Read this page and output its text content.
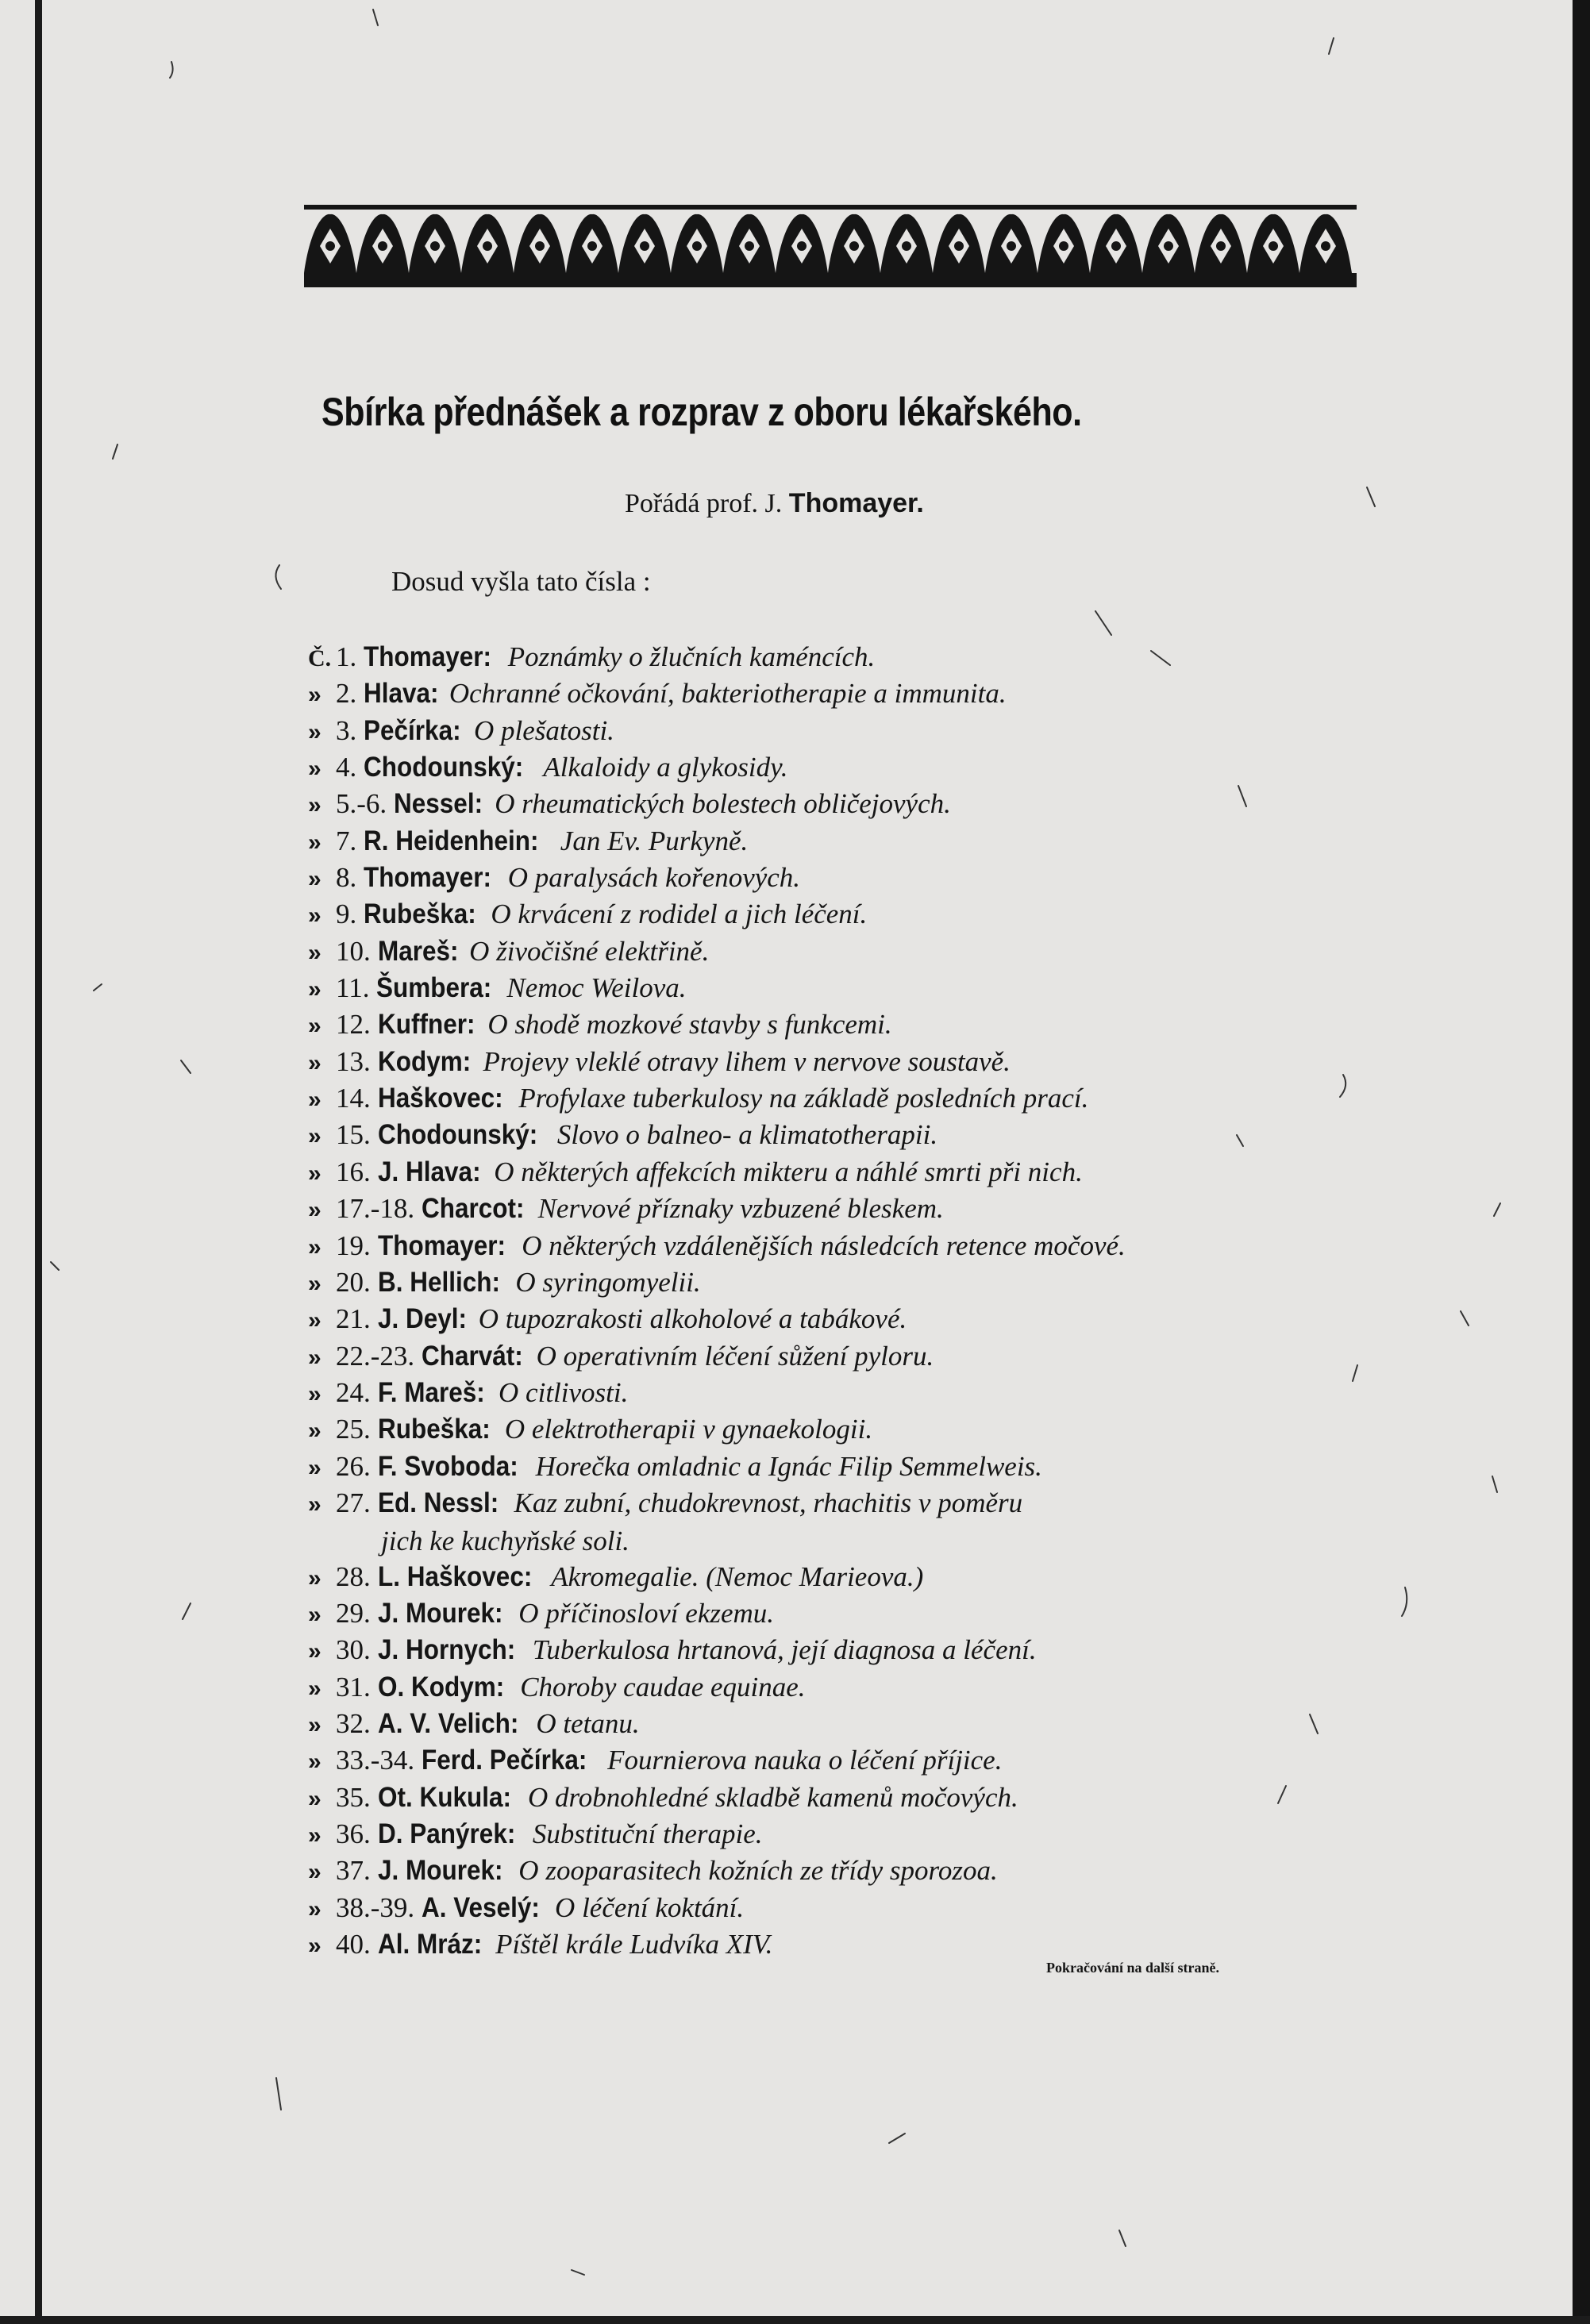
Sbírka přednášek a rozprav z oboru lékařského.
Pořádá prof. J. Thomayer.
Dosud vyšla tato čísla :
Č. 1. Thomayer: Poznámky o žlučních kaméncích.
» 2. Hlava: Ochranné očkování, bakteriotherapie a immunita.
» 3. Pečírka: O plešatosti.
» 4. Chodounský: Alkaloidy a glykosidy.
» 5.-6. Nessel: O rheumatických bolestech obličejových.
» 7. R. Heidenhein: Jan Ev. Purkyně.
» 8. Thomayer: O paralysách kořenových.
» 9. Rubeška: O krvácení z rodidel a jich léčení.
» 10. Mareš: O živočišné elektřině.
» 11. Šumbera: Nemoc Weilova.
» 12. Kuffner: O shodě mozkové stavby s funkcemi.
» 13. Kodym: Projevy vleklé otravy lihem v nervove soustavě.
» 14. Haškovec: Profylaxe tuberkulosy na základě posledních prací.
» 15. Chodounský: Slovo o balneo- a klimatotherapii.
» 16. J. Hlava: O některých affekcích mikteru a náhlé smrti při nich.
» 17.-18. Charcot: Nervové příznaky vzbuzené bleskem.
» 19. Thomayer: O některých vzdálenějších následcích retence močové.
» 20. B. Hellich: O syringomyelii.
» 21. J. Deyl: O tupozrakosti alkoholové a tabákové.
» 22.-23. Charvát: O operativním léčení sůžení pyloru.
» 24. F. Mareš: O citlivosti.
» 25. Rubeška: O elektrotherapii v gynaekologii.
» 26. F. Svoboda: Horečka omladnic a Ignác Filip Semmelweis.
» 27. Ed. Nessl: Kaz zubní, chudokrevnost, rhachitis v poměru
jich ke kuchyňské soli.
» 28. L. Haškovec: Akromegalie. (Nemoc Marieova.)
» 29. J. Mourek: O příčinosloví ekzemu.
» 30. J. Hornych: Tuberkulosa hrtanová, její diagnosa a léčení.
» 31. O. Kodym: Choroby caudae equinae.
» 32. A. V. Velich: O tetanu.
» 33.-34. Ferd. Pečírka: Fournierova nauka o léčení příjice.
» 35. Ot. Kukula: O drobnohledné skladbě kamenů močových.
» 36. D. Panýrek: Substituční therapie.
» 37. J. Mourek: O zooparasitech kožních ze třídy sporozoa.
» 38.-39. A. Veselý: O léčení koktání.
» 40. Al. Mráz: Píštěl krále Ludvíka XIV.
Pokračování na další straně.
